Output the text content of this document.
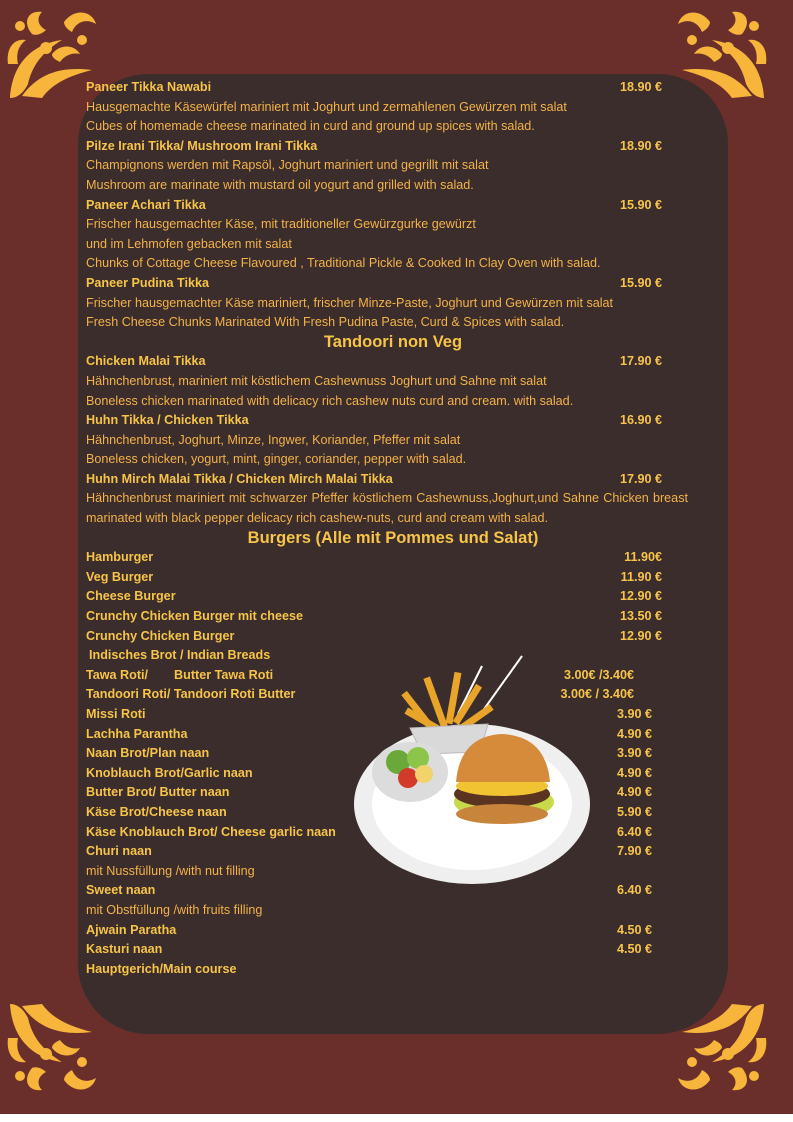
Paneer Tikka Nawabi	18.90 €
Hausgemachte Käsewürfel mariniert mit Joghurt und zermahlenen Gewürzen mit salat
Cubes of homemade cheese marinated in curd and ground up spices with salad.
Pilze Irani Tikka/ Mushroom Irani Tikka	18.90 €
Champignons werden mit Rapsöl, Joghurt mariniert und gegrillt mit salat
Mushroom are marinate with mustard oil yogurt and grilled with salad.
Paneer Achari Tikka	15.90 €
Frischer hausgemachter Käse, mit traditioneller Gewürzgurke gewürzt
und im Lehmofen gebacken mit salat
Chunks of Cottage Cheese Flavoured , Traditional Pickle & Cooked In Clay Oven with salad.
Paneer Pudina Tikka	15.90 €
Frischer hausgemachter Käse mariniert, frischer Minze-Paste, Joghurt und Gewürzen mit salat
Fresh Cheese Chunks Marinated With Fresh Pudina Paste, Curd & Spices with salad.
Tandoori non Veg
Chicken Malai Tikka	17.90 €
Hähnchenbrust, mariniert mit köstlichem Cashewnuss Joghurt und Sahne mit salat
Boneless chicken marinated with delicacy rich cashew nuts curd and cream. with salad.
Huhn Tikka / Chicken Tikka	16.90 €
Hähnchenbrust, Joghurt, Minze, Ingwer, Koriander, Pfeffer mit salat
Boneless chicken, yogurt, mint, ginger, coriander, pepper with salad.
Huhn Mirch Malai Tikka / Chicken Mirch Malai Tikka	17.90 €
Hähnchenbrust mariniert mit schwarzer Pfeffer köstlichem Cashewnuss,Joghurt,und Sahne Chicken breast marinated with black pepper delicacy rich cashew-nuts, curd and cream with salad.
Burgers (Alle mit Pommes und Salat)
Hamburger	11.90€
Veg Burger	11.90 €
Cheese Burger	12.90 €
Crunchy Chicken Burger mit cheese	13.50 €
Crunchy Chicken Burger	12.90 €
Indisches Brot / Indian Breads
Tawa Roti/ Butter Tawa Roti	3.00€ /3.40€
Tandoori Roti/ Tandoori Roti Butter	3.00€ / 3.40€
Missi Roti	3.90 €
Lachha Parantha	4.90 €
Naan Brot/Plan naan	3.90 €
Knoblauch Brot/Garlic naan	4.90 €
Butter Brot/ Butter naan	4.90 €
Käse Brot/Cheese naan	5.90 €
Käse Knoblauch Brot/ Cheese garlic naan	6.40 €
Churi naan	7.90 €
mit Nussfüllung /with nut filling
Sweet naan	6.40 €
mit Obstfüllung /with fruits filling
Ajwain Paratha	4.50 €
Kasturi naan	4.50 €
Hauptgerich/Main course
